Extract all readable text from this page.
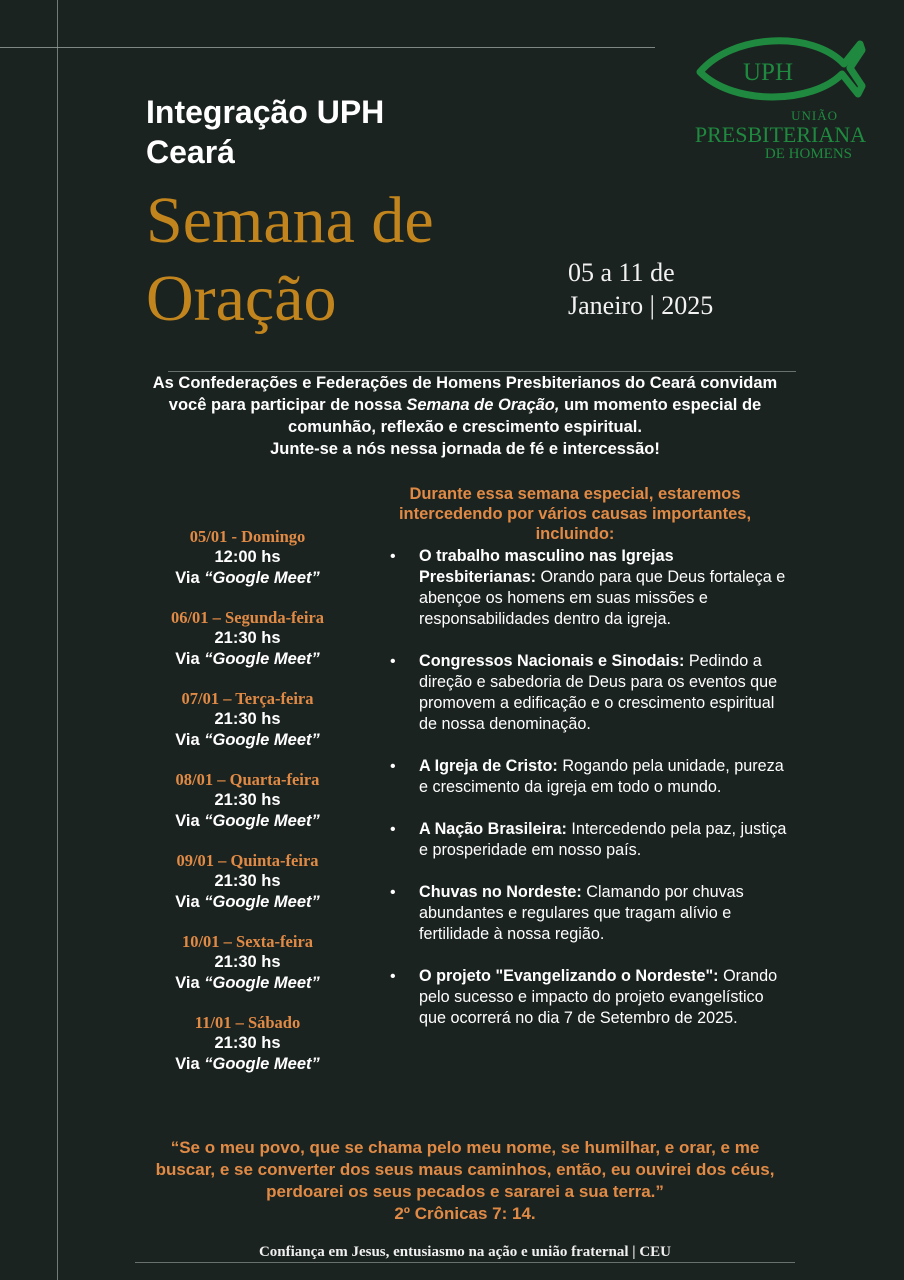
Integração UPH
Ceará
Semana de
Oração	05 a 11 de
Janeiro | 2025
UPH
UNIÃO
PRESBITERIANA
DE HOMENS
As Confederações e Federações de Homens Presbiterianos do Ceará convidam você para participar de nossa Semana de Oração, um momento especial de comunhão, reflexão e crescimento espiritual.
Junte-se a nós nessa jornada de fé e intercessão!
05/01 - Domingo
12:00 hs
Via “Google Meet”
06/01 – Segunda-feira
21:30 hs
Via “Google Meet”
07/01 – Terça-feira
21:30 hs
Via “Google Meet”
08/01 – Quarta-feira
21:30 hs
Via “Google Meet”
09/01 – Quinta-feira
21:30 hs
Via “Google Meet”
10/01 – Sexta-feira
21:30 hs
Via “Google Meet”
11/01 – Sábado
21:30 hs
Via “Google Meet”
Durante essa semana especial, estaremos intercedendo por vários causas importantes, incluindo:
• O trabalho masculino nas Igrejas Presbiterianas: Orando para que Deus fortaleça e abençoe os homens em suas missões e responsabilidades dentro da igreja.
• Congressos Nacionais e Sinodais: Pedindo a direção e sabedoria de Deus para os eventos que promovem a edificação e o crescimento espiritual de nossa denominação.
• A Igreja de Cristo: Rogando pela unidade, pureza e crescimento da igreja em todo o mundo.
• A Nação Brasileira: Intercedendo pela paz, justiça e prosperidade em nosso país.
• Chuvas no Nordeste: Clamando por chuvas abundantes e regulares que tragam alívio e fertilidade à nossa região.
• O projeto "Evangelizando o Nordeste": Orando pelo sucesso e impacto do projeto evangelístico que ocorrerá no dia 7 de Setembro de 2025.
“Se o meu povo, que se chama pelo meu nome, se humilhar, e orar, e me buscar, e se converter dos seus maus caminhos, então, eu ouvirei dos céus, perdoarei os seus pecados e sararei a sua terra.”
2º Crônicas 7: 14.
Confiança em Jesus, entusiasmo na ação e união fraternal | CEU
